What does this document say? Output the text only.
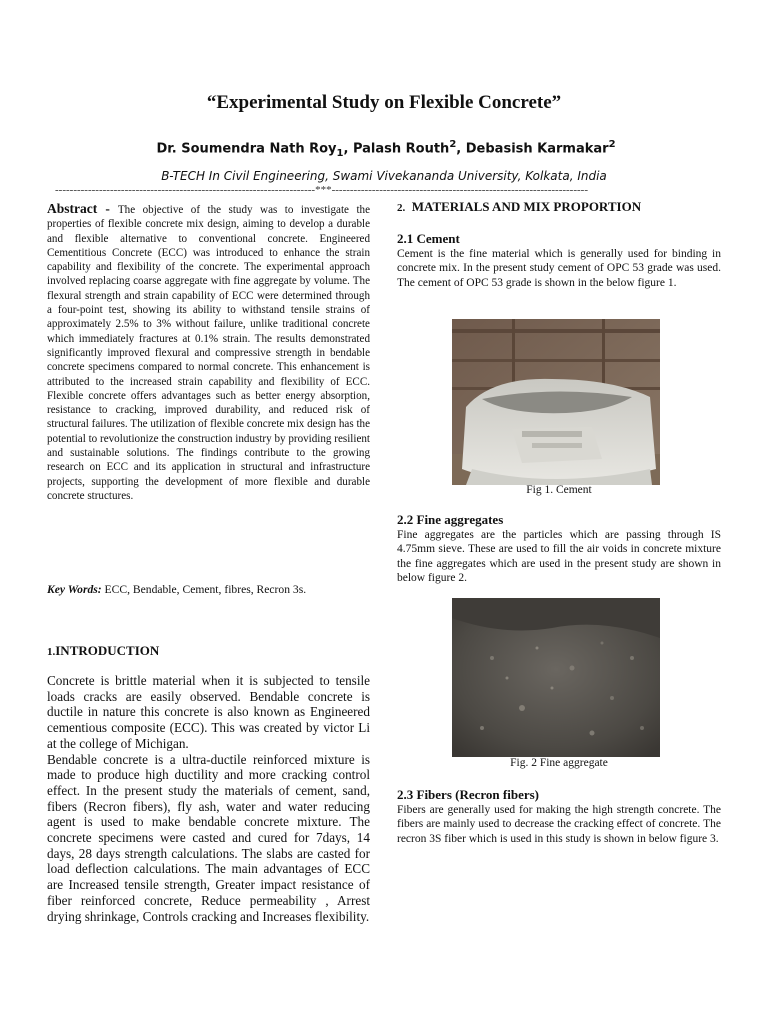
“Experimental Study on Flexible Concrete”
Dr. Soumendra Nath Roy$_1$, Palash Routh$^2$, Debasish Karmakar$^2$
B-TECH In Civil Engineering, Swami Vivekananda University, Kolkata, India
-----------------------------------------------------------------------***----------------------------------------------------------------------

Abstract - The objective of the study was to investigate the properties of flexible concrete mix design, aiming to develop a durable and flexible alternative to conventional concrete. Engineered Cementitious Concrete (ECC) was introduced to enhance the strain capability and flexibility of the concrete. The experimental approach involved replacing coarse aggregate with fine aggregate by volume. The flexural strength and strain capability of ECC were determined through a four-point test, showing its ability to withstand tensile strains of approximately 2.5% to 3% without failure, unlike traditional concrete which immediately fractures at 0.1% strain. The results demonstrated significantly improved flexural and compressive strength in bendable concrete specimens compared to normal concrete. This enhancement is attributed to the increased strain capability and flexibility of ECC. Flexible concrete offers advantages such as better energy absorption, resistance to cracking, improved durability, and reduced risk of structural failures. The utilization of flexible concrete mix design has the potential to revolutionize the construction industry by providing resilient and sustainable solutions. The findings contribute to the growing research on ECC and its application in structural and infrastructure projects, supporting the development of more flexible and durable concrete structures.

Key Words: ECC, Bendable, Cement, fibres, Recron 3s.
1.INTRODUCTION

Concrete is brittle material when it is subjected to tensile loads cracks are easily observed. Bendable concrete is ductile in nature this concrete is also known as Engineered cementious composite (ECC). This was created by victor Li at the college of Michigan.

Bendable concrete is a ultra-ductile reinforced mixture is made to produce high ductility and more cracking control effect. In the present study the materials of cement, sand, fibers (Recron fibers), fly ash, water and water reducing agent is used to make bendable concrete mixture. The concrete specimens were casted and cured for 7days, 14 days, 28 days strength calculations. The slabs are casted for load deflection calculations. The main advantages of ECC are Increased tensile strength, Greater impact resistance of fiber reinforced concrete, Reduce permeability , Arrest drying shrinkage, Controls cracking and Increases flexibility.

2. MATERIALS AND MIX PROPORTION

2.1 Cement

Cement is the fine material which is generally used for binding in concrete mix. In the present study cement of OPC 53 grade was used. The cement of OPC 53 grade is shown in the below figure 1.

Fig 1. Cement

2.2 Fine aggregates

Fine aggregates are the particles which are passing through IS 4.75mm sieve. These are used to fill the air voids in concrete mixture the fine aggregates which are used in the present study are shown in below figure 2.

Fig. 2 Fine aggregate

2.3 Fibers (Recron fibers)

Fibers are generally used for making the high strength concrete. The fibers are mainly used to decrease the cracking effect of concrete. The recron 3S fiber which is used in this study is shown in below figure 3.
